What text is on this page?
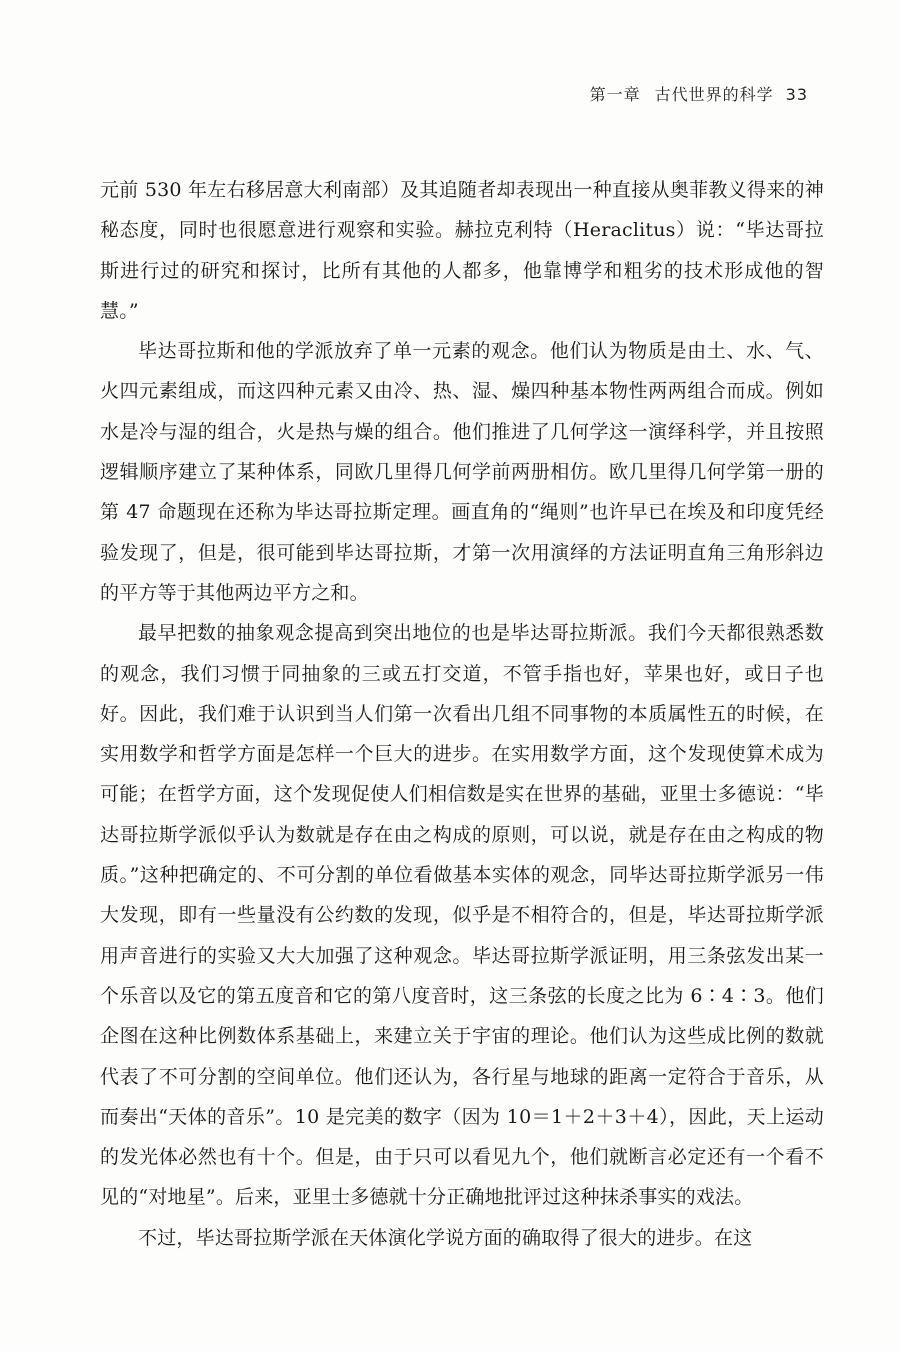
第一章 古代世界的科学 33

元前 530 年左右移居意大利南部）及其追随者却表现出一种直接从奥菲教义得来的神秘态度，同时也很愿意进行观察和实验。赫拉克利特（Heraclitus）说：“毕达哥拉斯进行过的研究和探讨，比所有其他的人都多，他靠博学和粗劣的技术形成他的智慧。”

毕达哥拉斯和他的学派放弃了单一元素的观念。他们认为物质是由土、水、气、火四元素组成，而这四种元素又由冷、热、湿、燥四种基本物性两两组合而成。例如水是冷与湿的组合，火是热与燥的组合。他们推进了几何学这一演绎科学，并且按照逻辑顺序建立了某种体系，同欧几里得几何学前两册相仿。欧几里得几何学第一册的第 47 命题现在还称为毕达哥拉斯定理。画直角的“绳则”也许早已在埃及和印度凭经验发现了，但是，很可能到毕达哥拉斯，才第一次用演绎的方法证明直角三角形斜边的平方等于其他两边平方之和。

最早把数的抽象观念提高到突出地位的也是毕达哥拉斯派。我们今天都很熟悉数的观念，我们习惯于同抽象的三或五打交道，不管手指也好，苹果也好，或日子也好。因此，我们难于认识到当人们第一次看出几组不同事物的本质属性五的时候，在实用数学和哲学方面是怎样一个巨大的进步。在实用数学方面，这个发现使算术成为可能；在哲学方面，这个发现促使人们相信数是实在世界的基础，亚里士多德说：“毕达哥拉斯学派似乎认为数就是存在由之构成的原则，可以说，就是存在由之构成的物质。”这种把确定的、不可分割的单位看做基本实体的观念，同毕达哥拉斯学派另一伟大发现，即有一些量没有公约数的发现，似乎是不相符合的，但是，毕达哥拉斯学派用声音进行的实验又大大加强了这种观念。毕达哥拉斯学派证明，用三条弦发出某一个乐音以及它的第五度音和它的第八度音时，这三条弦的长度之比为 6∶4∶3。他们企图在这种比例数体系基础上，来建立关于宇宙的理论。他们认为这些成比例的数就代表了不可分割的空间单位。他们还认为，各行星与地球的距离一定符合于音乐，从而奏出“天体的音乐”。10 是完美的数字（因为 10＝1＋2＋3＋4），因此，天上运动的发光体必然也有十个。但是，由于只可以看见九个，他们就断言必定还有一个看不见的“对地星”。后来，亚里士多德就十分正确地批评过这种抹杀事实的戏法。

不过，毕达哥拉斯学派在天体演化学说方面的确取得了很大的进步。在这
